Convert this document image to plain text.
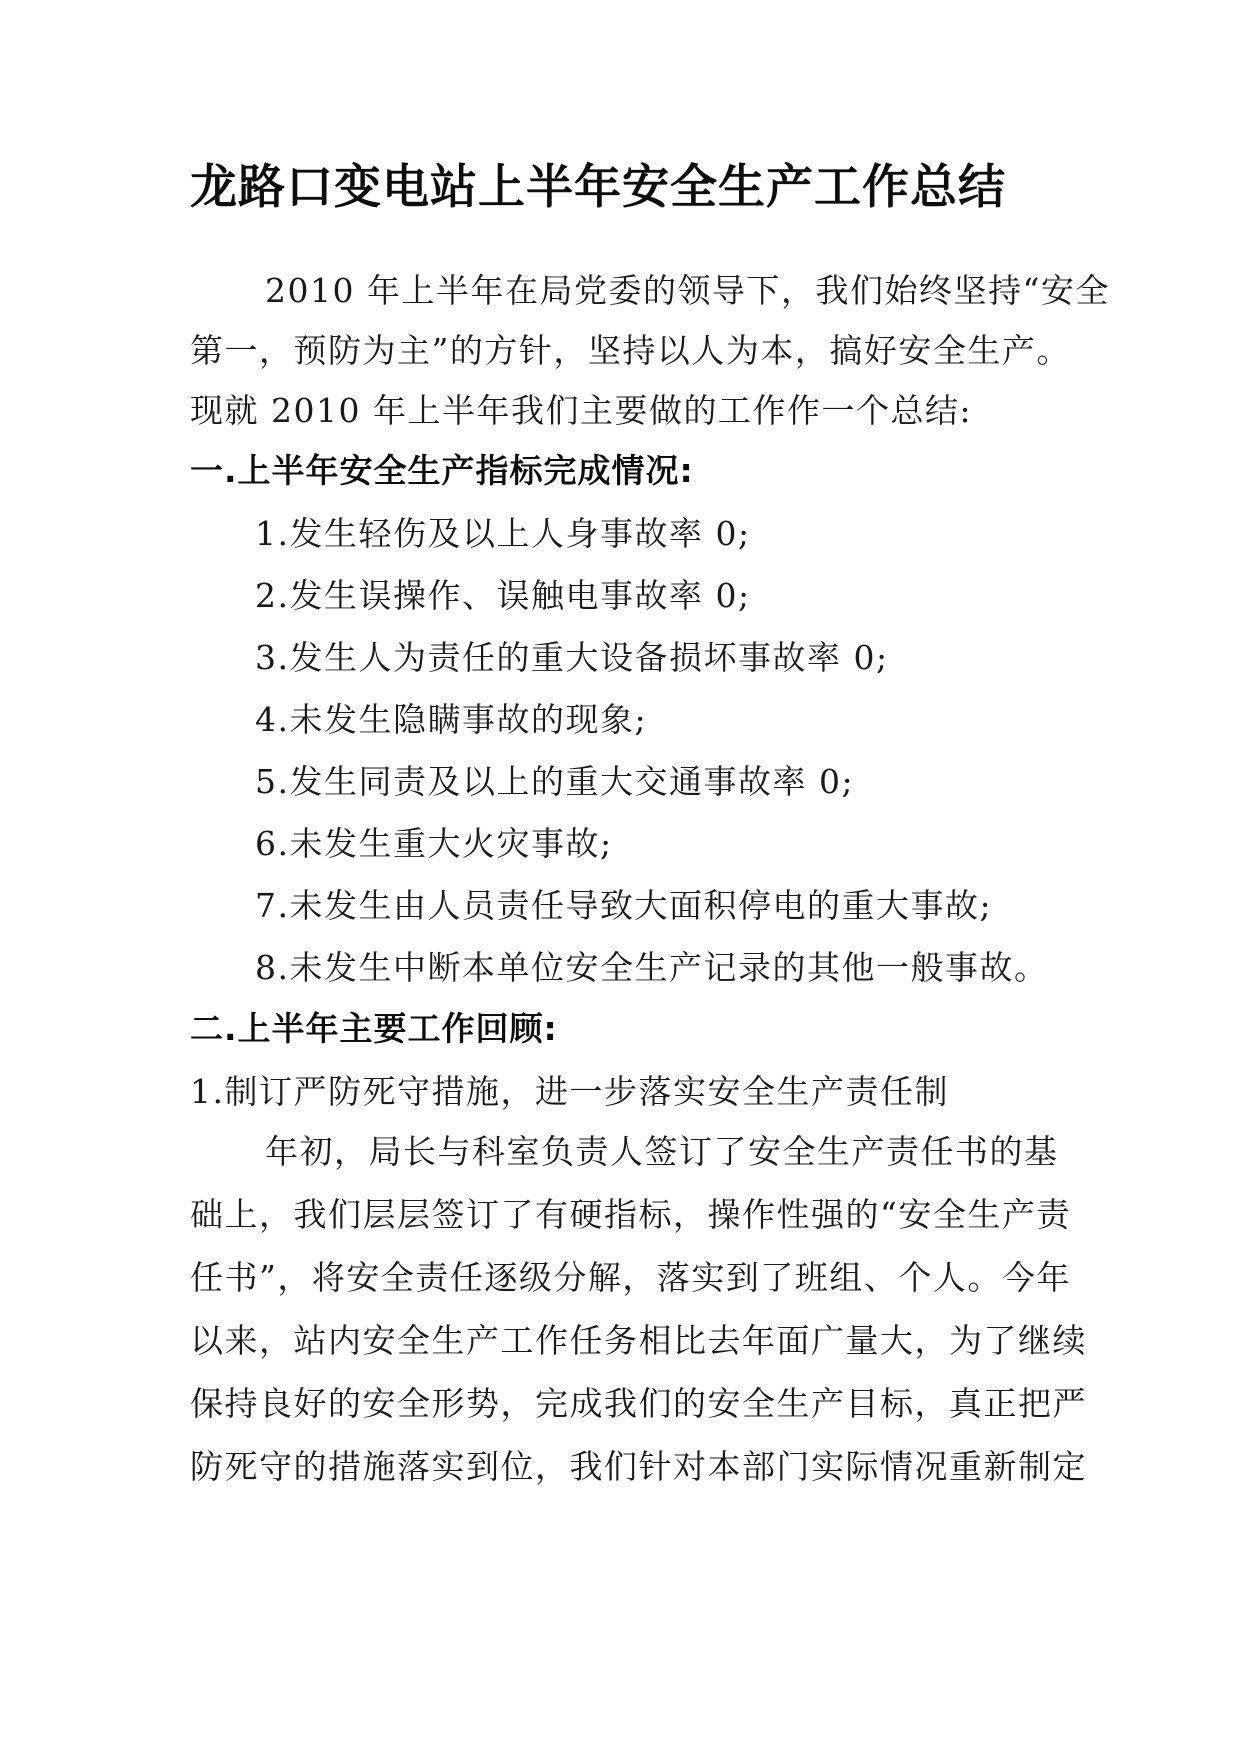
龙路口变电站上半年安全生产工作总结
2010 年上半年在局党委的领导下，我们始终坚持“安全
第一，预防为主”的方针，坚持以人为本，搞好安全生产。
现就 2010 年上半年我们主要做的工作作一个总结:
一.上半年安全生产指标完成情况:
1.发生轻伤及以上人身事故率 0;
2.发生误操作、误触电事故率 0;
3.发生人为责任的重大设备损坏事故率 0;
4.未发生隐瞒事故的现象;
5.发生同责及以上的重大交通事故率 0;
6.未发生重大火灾事故;
7.未发生由人员责任导致大面积停电的重大事故;
8.未发生中断本单位安全生产记录的其他一般事故。
二.上半年主要工作回顾:
1.制订严防死守措施，进一步落实安全生产责任制
年初，局长与科室负责人签订了安全生产责任书的基
础上，我们层层签订了有硬指标，操作性强的“安全生产责
任书”，将安全责任逐级分解，落实到了班组、个人。今年
以来，站内安全生产工作任务相比去年面广量大，为了继续
保持良好的安全形势，完成我们的安全生产目标，真正把严
防死守的措施落实到位，我们针对本部门实际情况重新制定
